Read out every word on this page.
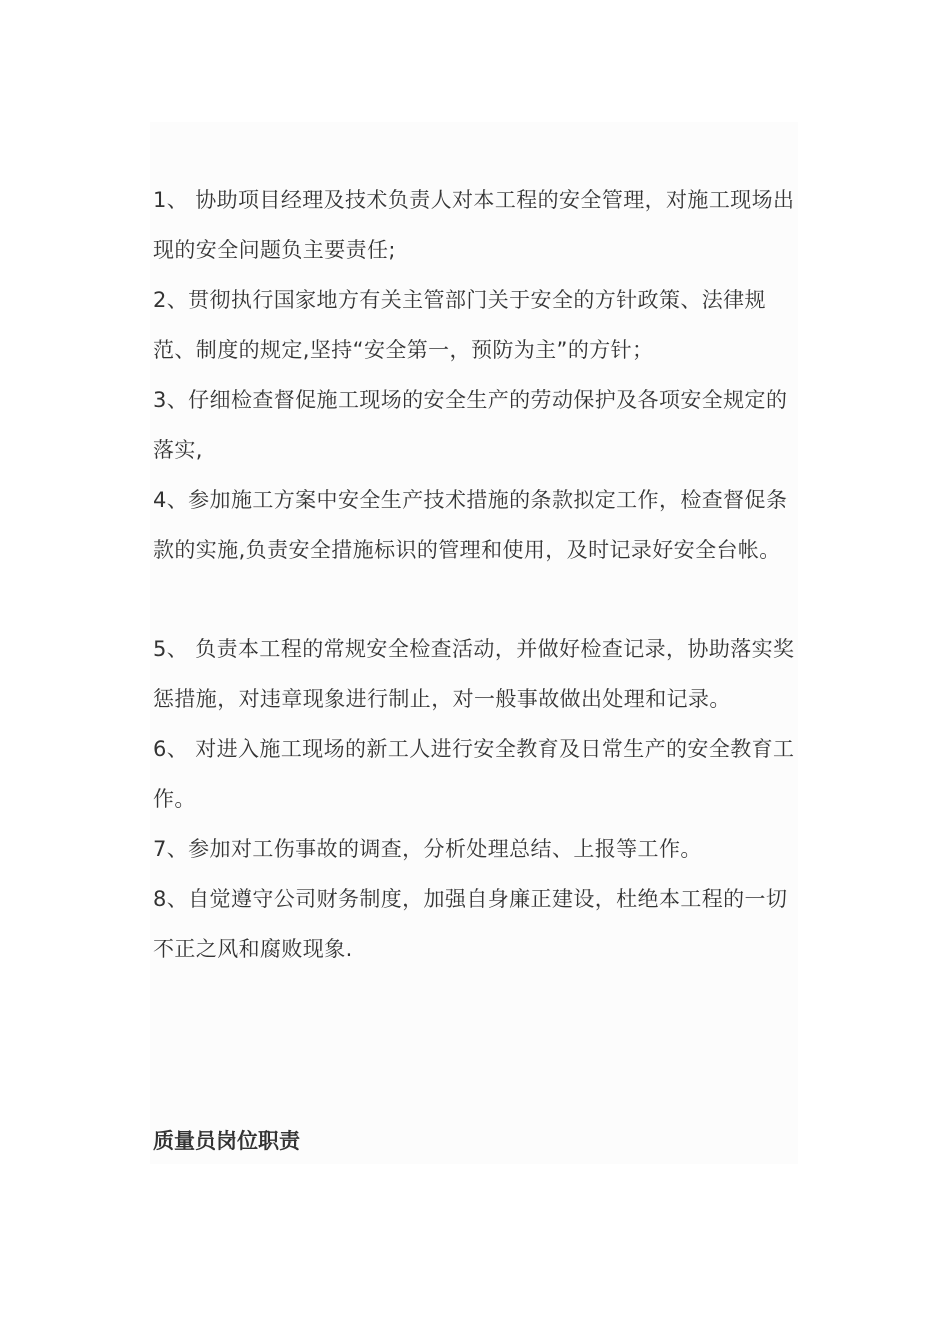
1、 协助项目经理及技术负责人对本工程的安全管理，对施工现场出现的安全问题负主要责任;
2、贯彻执行国家地方有关主管部门关于安全的方针政策、法律规范、制度的规定,坚持“安全第一，预防为主”的方针；
3、仔细检查督促施工现场的安全生产的劳动保护及各项安全规定的落实,
4、参加施工方案中安全生产技术措施的条款拟定工作，检查督促条款的实施,负责安全措施标识的管理和使用，及时记录好安全台帐。
5、 负责本工程的常规安全检查活动，并做好检查记录，协助落实奖惩措施，对违章现象进行制止，对一般事故做出处理和记录。
6、 对进入施工现场的新工人进行安全教育及日常生产的安全教育工作。
7、参加对工伤事故的调查，分析处理总结、上报等工作。
8、自觉遵守公司财务制度，加强自身廉正建设，杜绝本工程的一切不正之风和腐败现象.
质量员岗位职责
